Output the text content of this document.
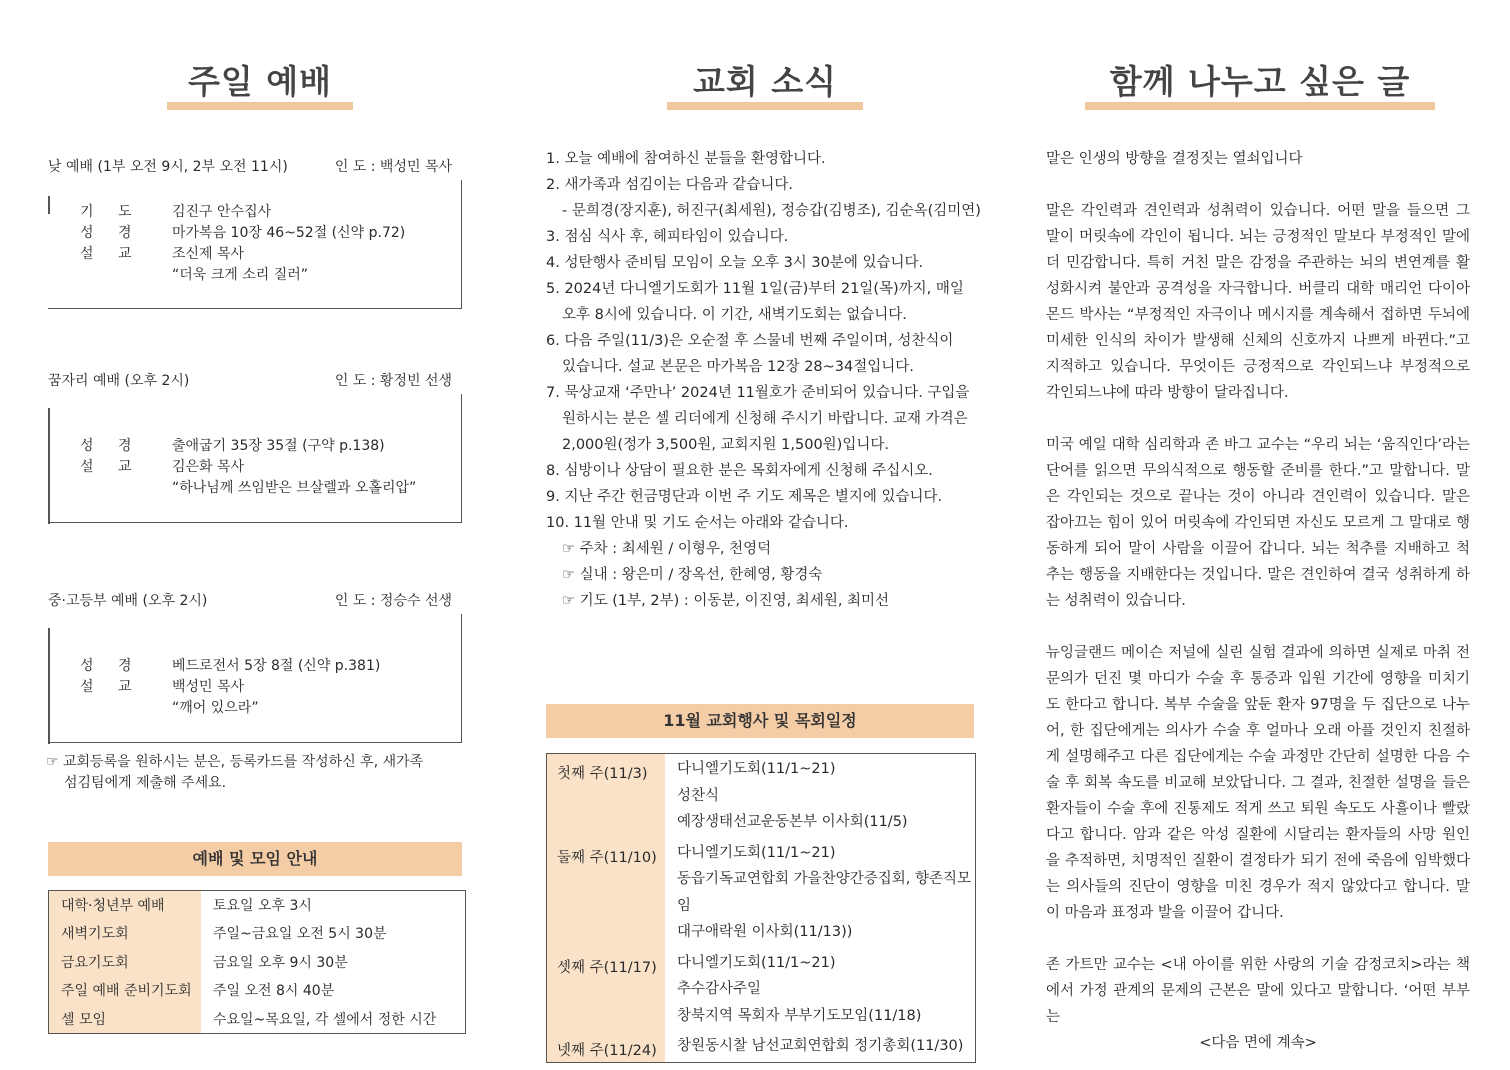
주일 예배
낮 예배 (1부 오전 9시, 2부 오전 11시)	인 도 : 백성민 목사
기 도	김진구 안수집사
성 경	마가복음 10장 46~52절 (신약 p.72)
설 교	조신제 목사
“더욱 크게 소리 질러”
꿈자리 예배 (오후 2시)	인 도 : 황정빈 선생
성 경	출애굽기 35장 35절 (구약 p.138)
설 교	김은화 목사
“하나님께 쓰임받은 브살렐과 오홀리압”
중·고등부 예배 (오후 2시)	인 도 : 정승수 선생
성 경	베드로전서 5장 8절 (신약 p.381)
설 교	백성민 목사
“깨어 있으라”
☞ 교회등록을 원하시는 분은, 등록카드를 작성하신 후, 새가족
섬김팀에게 제출해 주세요.
예배 및 모임 안내
대학·청년부 예배	토요일 오후 3시
새벽기도회	주일~금요일 오전 5시 30분
금요기도회	금요일 오후 9시 30분
주일 예배 준비기도회	주일 오전 8시 40분
셀 모임	수요일~목요일, 각 셀에서 정한 시간
교회 소식
1. 오늘 예배에 참여하신 분들을 환영합니다.
2. 새가족과 섬김이는 다음과 같습니다.
- 문희경(장지훈), 허진구(최세원), 정승갑(김병조), 김순옥(김미연)
3. 점심 식사 후, 헤피타임이 있습니다.
4. 성탄행사 준비팀 모임이 오늘 오후 3시 30분에 있습니다.
5. 2024년 다니엘기도회가 11월 1일(금)부터 21일(목)까지, 매일
오후 8시에 있습니다. 이 기간, 새벽기도회는 없습니다.
6. 다음 주일(11/3)은 오순절 후 스물네 번째 주일이며, 성찬식이
있습니다. 설교 본문은 마가복음 12장 28~34절입니다.
7. 묵상교재 ‘주만나’ 2024년 11월호가 준비되어 있습니다. 구입을
원하시는 분은 셀 리더에게 신청해 주시기 바랍니다. 교재 가격은
2,000원(정가 3,500원, 교회지원 1,500원)입니다.
8. 심방이나 상담이 필요한 분은 목회자에게 신청해 주십시오.
9. 지난 주간 헌금명단과 이번 주 기도 제목은 별지에 있습니다.
10. 11월 안내 및 기도 순서는 아래와 같습니다.
☞ 주차 : 최세원 / 이형우, 천영덕
☞ 실내 : 왕은미 / 장옥선, 한혜영, 황경숙
☞ 기도 (1부, 2부) : 이동분, 이진영, 최세원, 최미선
11월 교회행사 및 목회일정
첫째 주(11/3)	다니엘기도회(11/1~21)
성찬식
예장생태선교운동본부 이사회(11/5)
둘째 주(11/10)	다니엘기도회(11/1~21)
동읍기독교연합회 가을찬양간증집회, 향존직모임
대구애락원 이사회(11/13))
셋째 주(11/17)	다니엘기도회(11/1~21)
추수감사주일
창북지역 목회자 부부기도모임(11/18)
넷째 주(11/24)	창원동시찰 남선교회연합회 정기총회(11/30)
함께 나누고 싶은 글

말은 인생의 방향을 결정짓는 열쇠입니다

말은 각인력과 견인력과 성취력이 있습니다. 어떤 말을 들으면 그 말이 머릿속에 각인이 됩니다. 뇌는 긍정적인 말보다 부정적인 말에 더 민감합니다. 특히 거친 말은 감정을 주관하는 뇌의 변연계를 활성화시켜 불안과 공격성을 자극합니다. 버클리 대학 매리언 다이아몬드 박사는 “부정적인 자극이나 메시지를 계속해서 접하면 두뇌에 미세한 인식의 차이가 발생해 신체의 신호까지 나쁘게 바뀐다.”고 지적하고 있습니다. 무엇이든 긍정적으로 각인되느냐 부정적으로 각인되느냐에 따라 방향이 달라집니다.

미국 예일 대학 심리학과 존 바그 교수는 “우리 뇌는 ‘움직인다’라는 단어를 읽으면 무의식적으로 행동할 준비를 한다.”고 말합니다. 말은 각인되는 것으로 끝나는 것이 아니라 견인력이 있습니다. 말은 잡아끄는 힘이 있어 머릿속에 각인되면 자신도 모르게 그 말대로 행동하게 되어 말이 사람을 이끌어 갑니다. 뇌는 척추를 지배하고 척추는 행동을 지배한다는 것입니다. 말은 견인하여 결국 성취하게 하는 성취력이 있습니다.

뉴잉글랜드 메이슨 저널에 실린 실험 결과에 의하면 실제로 마취 전문의가 던진 몇 마디가 수술 후 통증과 입원 기간에 영향을 미치기도 한다고 합니다. 복부 수술을 앞둔 환자 97명을 두 집단으로 나누어, 한 집단에게는 의사가 수술 후 얼마나 오래 아플 것인지 친절하게 설명해주고 다른 집단에게는 수술 과정만 간단히 설명한 다음 수술 후 회복 속도를 비교해 보았답니다. 그 결과, 친절한 설명을 들은 환자들이 수술 후에 진통제도 적게 쓰고 퇴원 속도도 사흘이나 빨랐다고 합니다. 암과 같은 악성 질환에 시달리는 환자들의 사망 원인을 추적하면, 치명적인 질환이 결정타가 되기 전에 죽음에 임박했다는 의사들의 진단이 영향을 미친 경우가 적지 않았다고 합니다. 말이 마음과 표정과 발을 이끌어 갑니다.

존 가트만 교수는 <내 아이를 위한 사랑의 기술 감정코치>라는 책에서 가정 관계의 문제의 근본은 말에 있다고 말합니다. ‘어떤 부부는

<다음 면에 계속>
